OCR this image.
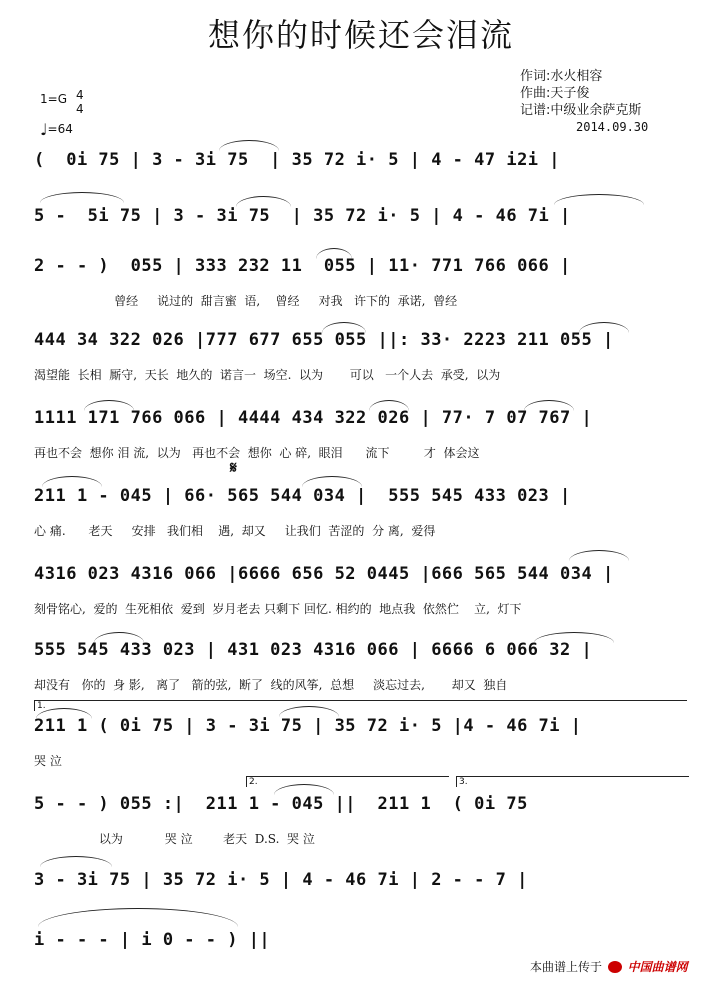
想你的时候还会泪流
作词:水火相容
作曲:天子俊
记谱:中级业余萨克斯
2014.09.30
1=G 4
4
♩=64
(  0i 75 | 3 - 3i 75  | 35 72 i· 5 | 4 - 47 i2i |
5 -  5i 75 | 3 - 3i 75  | 35 72 i· 5 | 4 - 46 7i |
2 - - )  055 | 333 232 11  055 | 11· 771 766 066 |
曾经     说过的  甜言蜜  语,    曾经     对我   许下的  承诺,  曾经
444 34 322 026 |777 677 655 055 ||: 33· 2223 211 055 |
渴望能  长相  厮守,  天长  地久的  诺言一  场空.  以为       可以   一个人去  承受,  以为
1111 171 766 066 | 4444 434 322 026 | 77· 7 07 767 |
再也不会  想你 泪 流,  以为   再也不会  想你  心 碎,  眼泪      流下         才  体会这
211 1 - 045 | 66· 565 544 034 |  555 545 433 023 |
心 痛.      老天     安排   我们相    遇,  却又     让我们  苦涩的  分 离,  爱得
𝄋
4316 023 4316 066 |6666 656 52 0445 |666 565 544 034 |
刻骨铭心,  爱的  生死相依  爱到  岁月老去 只剩下 回忆. 相约的  地点我  依然伫    立,  灯下
555 545 433 023 | 431 023 4316 066 | 6666 6 066 32 |
却没有   你的  身 影,   离了   箭的弦,  断了  线的风筝,  总想     淡忘过去,       却又  独自
1.
211 1 ( 0i 75 | 3 - 3i 75 | 35 72 i· 5 |4 - 46 7i |
哭 泣
2.	3.
5 - - ) 055 :|  211 1 - 045 ||  211 1  ( 0i 75
以为           哭 泣        老天  D.S.  哭 泣
3 - 3i 75 | 35 72 i· 5 | 4 - 46 7i | 2 - - 7 |
i - - - | i 0 - - ) ||
本曲谱上传于 中国曲谱网
